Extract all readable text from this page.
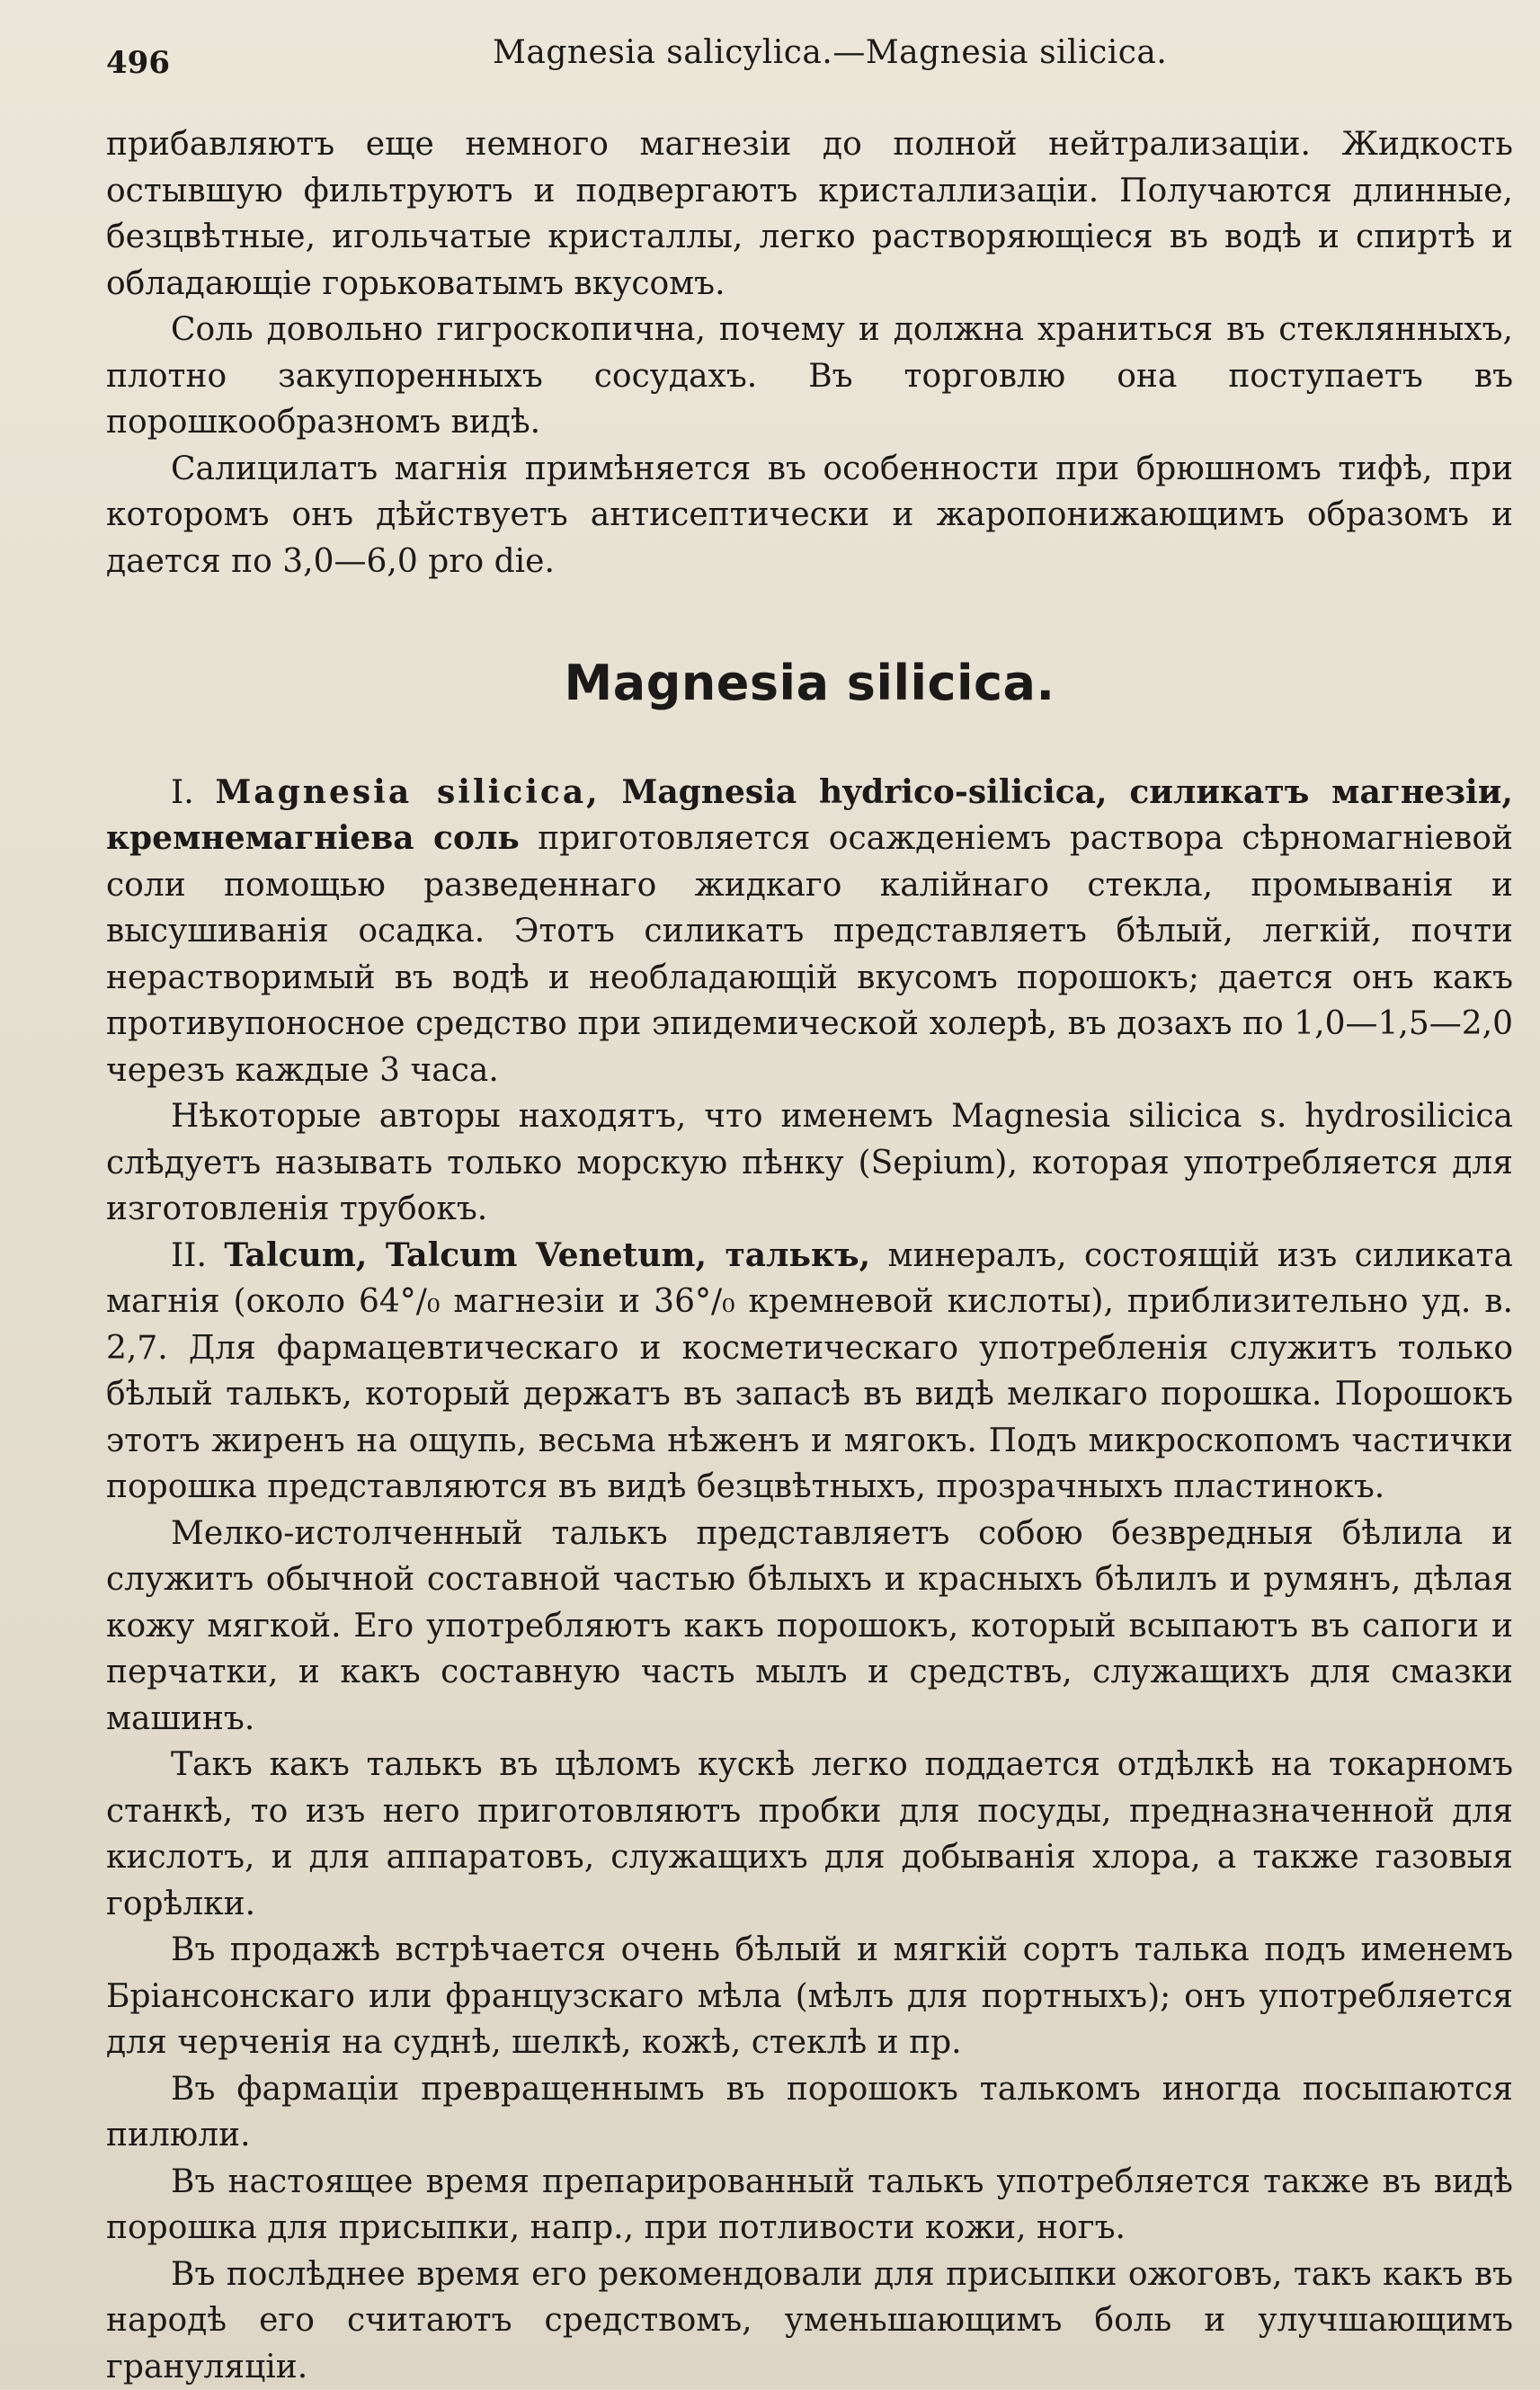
496	Magnesia salicylica.—Magnesia silicica.

прибавляютъ еще немного магнезіи до полной нейтрализаціи. Жидкость остывшую фильтруютъ и подвергаютъ кристаллизаціи. Получаются длинные, безцвѣтные, игольчатые кристаллы, легко растворяющіеся въ водѣ и спиртѣ и обладающіе горьковатымъ вкусомъ.

Соль довольно гигроскопична, почему и должна храниться въ стеклянныхъ, плотно закупоренныхъ сосудахъ. Въ торговлю она поступаетъ въ порошкообразномъ видѣ.

Салицилатъ магнія примѣняется въ особенности при брюшномъ тифѣ, при которомъ онъ дѣйствуетъ антисептически и жаропонижающимъ образомъ и дается по 3,0—6,0 pro die.

Magnesia silicica.

I. Magnesia silicica, Magnesia hydrico-silicica, силикатъ магнезіи, кремнемагніева соль приготовляется осажденіемъ раствора сѣрномагніевой соли помощью разведеннаго жидкаго калійнаго стекла, промыванія и высушиванія осадка. Этотъ силикатъ представляетъ бѣлый, легкій, почти нерастворимый въ водѣ и необладающій вкусомъ порошокъ; дается онъ какъ противупоносное средство при эпидемической холерѣ, въ дозахъ по 1,0—1,5—2,0 черезъ каждые 3 часа.

Нѣкоторые авторы находятъ, что именемъ Magnesia silicica s. hydrosilicica слѣдуетъ называть только морскую пѣнку (Sepium), которая употребляется для изготовленія трубокъ.

II. Talcum, Talcum Venetum, талькъ, минералъ, состоящій изъ силиката магнія (около 64°/₀ магнезіи и 36°/₀ кремневой кислоты), приблизительно уд. в. 2,7. Для фармацевтическаго и косметическаго употребленія служитъ только бѣлый талькъ, который держатъ въ запасѣ въ видѣ мелкаго порошка. Порошокъ этотъ жиренъ на ощупь, весьма нѣженъ и мягокъ. Подъ микроскопомъ частички порошка представляются въ видѣ безцвѣтныхъ, прозрачныхъ пластинокъ.

Мелко-истолченный талькъ представляетъ собою безвредныя бѣлила и служитъ обычной составной частью бѣлыхъ и красныхъ бѣлилъ и румянъ, дѣлая кожу мягкой. Его употребляютъ какъ порошокъ, который всыпаютъ въ сапоги и перчатки, и какъ составную часть мылъ и средствъ, служащихъ для смазки машинъ.

Такъ какъ талькъ въ цѣломъ кускѣ легко поддается отдѣлкѣ на токарномъ станкѣ, то изъ него приготовляютъ пробки для посуды, предназначенной для кислотъ, и для аппаратовъ, служащихъ для добыванія хлора, а также газовыя горѣлки.

Въ продажѣ встрѣчается очень бѣлый и мягкій сортъ талька подъ именемъ Бріансонскаго или французскаго мѣла (мѣлъ для портныхъ); онъ употребляется для черченія на суднѣ, шелкѣ, кожѣ, стеклѣ и пр.

Въ фармаціи превращеннымъ въ порошокъ талькомъ иногда посыпаются пилюли.

Въ настоящее время препарированный талькъ употребляется также въ видѣ порошка для присыпки, напр., при потливости кожи, ногъ.

Въ послѣднее время его рекомендовали для присыпки ожоговъ, такъ какъ въ народѣ его считаютъ средствомъ, уменьшающимъ боль и улучшающимъ грануляціи.
